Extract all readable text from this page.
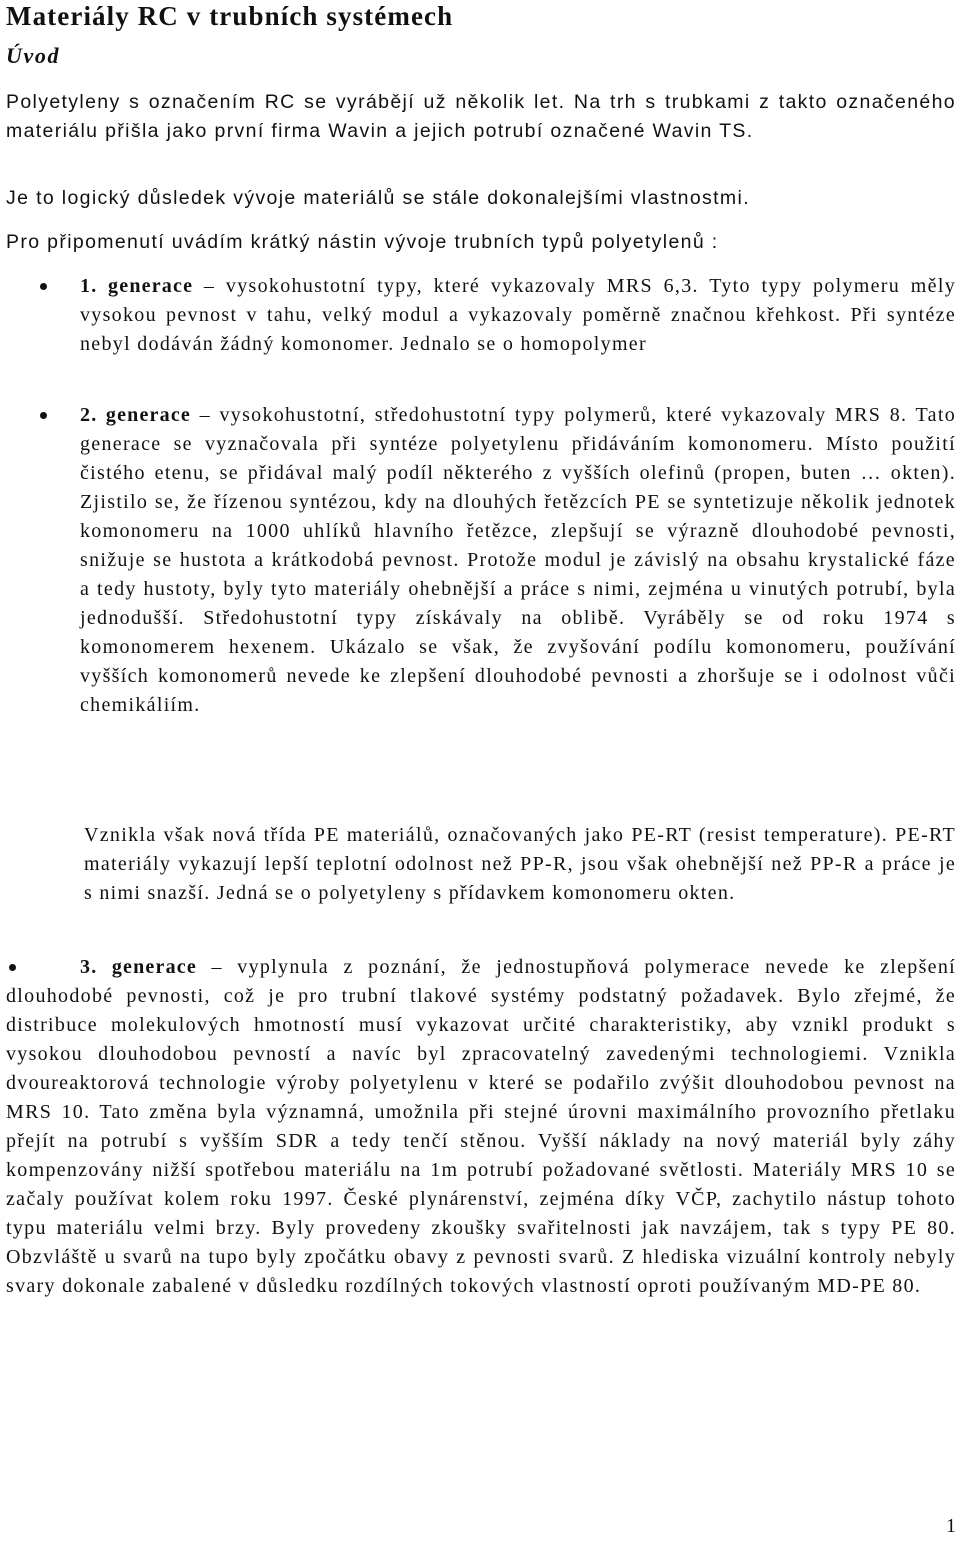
Materiály RC v trubních systémech
Úvod

Polyetyleny s označením RC se vyrábějí už několik let. Na trh s trubkami z takto označeného materiálu přišla jako první firma Wavin a jejich potrubí označené Wavin TS.

Je to logický důsledek vývoje materiálů se stále dokonalejšími vlastnostmi.

Pro připomenutí uvádím krátký nástin vývoje trubních typů polyetylenů :

1. generace – vysokohustotní typy, které vykazovaly MRS 6,3. Tyto typy polymeru měly vysokou pevnost v tahu, velký modul a vykazovaly poměrně značnou křehkost. Při syntéze nebyl dodáván žádný komonomer. Jednalo se o homopolymer

2. generace – vysokohustotní, středohustotní typy polymerů, které vykazovaly MRS 8. Tato generace se vyznačovala při syntéze polyetylenu přidáváním komonomeru. Místo použití čistého etenu, se přidával malý podíl některého z vyšších olefinů (propen, buten … okten). Zjistilo se, že řízenou syntézou, kdy na dlouhých řetězcích PE se syntetizuje několik jednotek komonomeru na 1000 uhlíků hlavního řetězce, zlepšují se výrazně dlouhodobé pevnosti, snižuje se hustota a krátkodobá pevnost. Protože modul je závislý na obsahu krystalické fáze a tedy hustoty, byly tyto materiály ohebnější a práce s nimi, zejména u vinutých potrubí, byla jednodušší. Středohustotní typy získávaly na oblibě. Vyráběly se od roku 1974 s komonomerem hexenem. Ukázalo se však, že zvyšování podílu komonomeru, používání vyšších komonomerů nevede ke zlepšení dlouhodobé pevnosti a zhoršuje se i odolnost vůči chemikáliím.

Vznikla však nová třída PE materiálů, označovaných jako PE-RT (resist temperature). PE-RT materiály vykazují lepší teplotní odolnost než PP-R, jsou však ohebnější než PP-R a práce je s nimi snazší. Jedná se o polyetyleny s přídavkem komonomeru okten.

3. generace – vyplynula z poznání, že jednostupňová polymerace nevede ke zlepšení dlouhodobé pevnosti, což je pro trubní tlakové systémy podstatný požadavek. Bylo zřejmé, že distribuce molekulových hmotností musí vykazovat určité charakteristiky, aby vznikl produkt s vysokou dlouhodobou pevností a navíc byl zpracovatelný zavedenými technologiemi. Vznikla dvoureaktorová technologie výroby polyetylenu v které se podařilo zvýšit dlouhodobou pevnost na MRS 10. Tato změna byla významná, umožnila při stejné úrovni maximálního provozního přetlaku přejít na potrubí s vyšším SDR a tedy tenčí stěnou. Vyšší náklady na nový materiál byly záhy kompenzovány nižší spotřebou materiálu na 1m potrubí požadované světlosti. Materiály MRS 10 se začaly používat kolem roku 1997. České plynárenství, zejména díky VČP, zachytilo nástup tohoto typu materiálu velmi brzy. Byly provedeny zkoušky svařitelnosti jak navzájem, tak s typy PE 80. Obzvláště u svarů na tupo byly zpočátku obavy z pevnosti svarů. Z hlediska vizuální kontroly nebyly svary dokonale zabalené v důsledku rozdílných tokových vlastností oproti používaným MD-PE 80.

1
